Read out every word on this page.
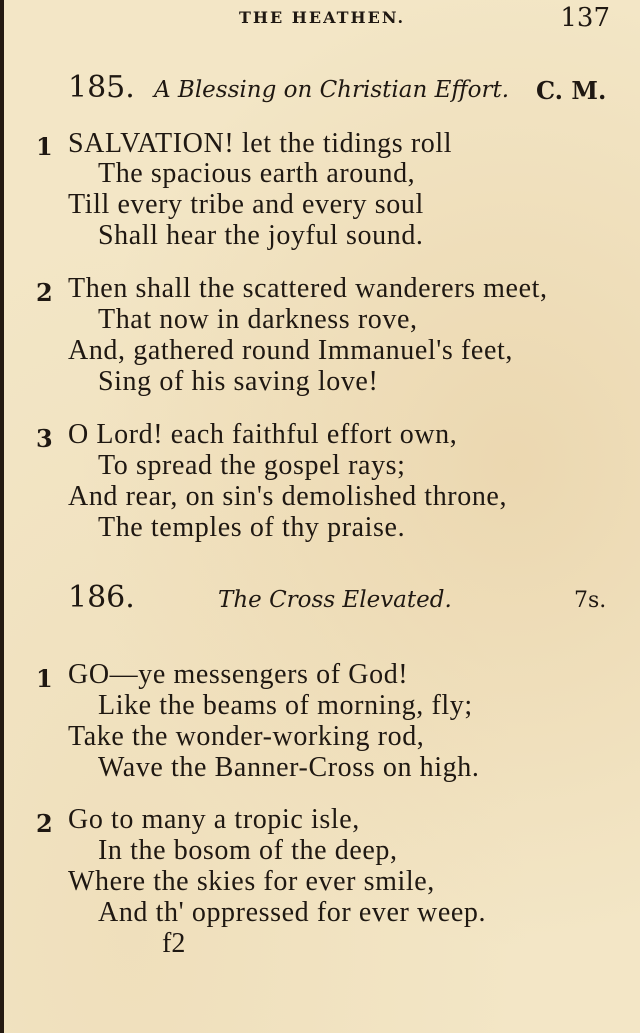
THE HEATHEN.	137
185. A Blessing on Christian Effort. C. M.
1 SALVATION! let the tidings roll
The spacious earth around,
Till every tribe and every soul
Shall hear the joyful sound.
2 Then shall the scattered wanderers meet,
That now in darkness rove,
And, gathered round Immanuel's feet,
Sing of his saving love!
3 O Lord! each faithful effort own,
To spread the gospel rays;
And rear, on sin's demolished throne,
The temples of thy praise.
186.	The Cross Elevated.	7s.
1 GO—ye messengers of God!
Like the beams of morning, fly;
Take the wonder-working rod,
Wave the Banner-Cross on high.
2 Go to many a tropic isle,
In the bosom of the deep,
Where the skies for ever smile,
And th' oppressed for ever weep.
f2
